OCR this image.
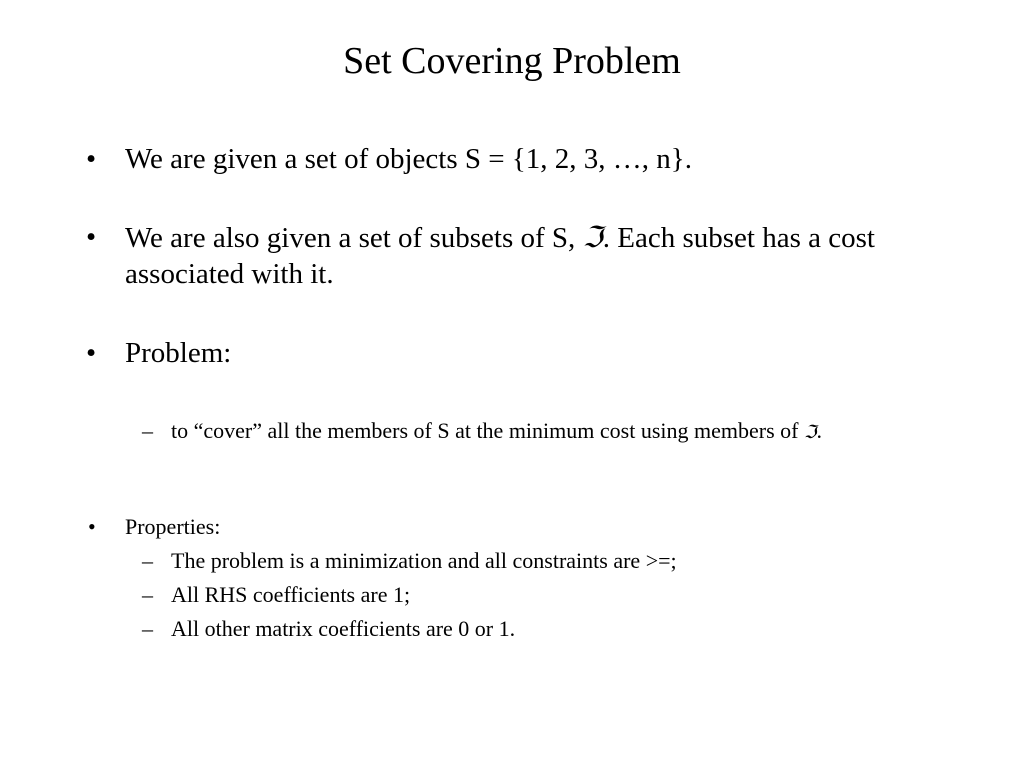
Set Covering Problem
• We are given a set of objects S = {1, 2, 3, …, n}.
• We are also given a set of subsets of S, ℑ. Each subset has a cost associated with it.
• Problem:
– to “cover” all the members of S at the minimum cost using members of ℑ.
• Properties:
– The problem is a minimization and all constraints are >=;
– All RHS coefficients are 1;
– All other matrix coefficients are 0 or 1.
